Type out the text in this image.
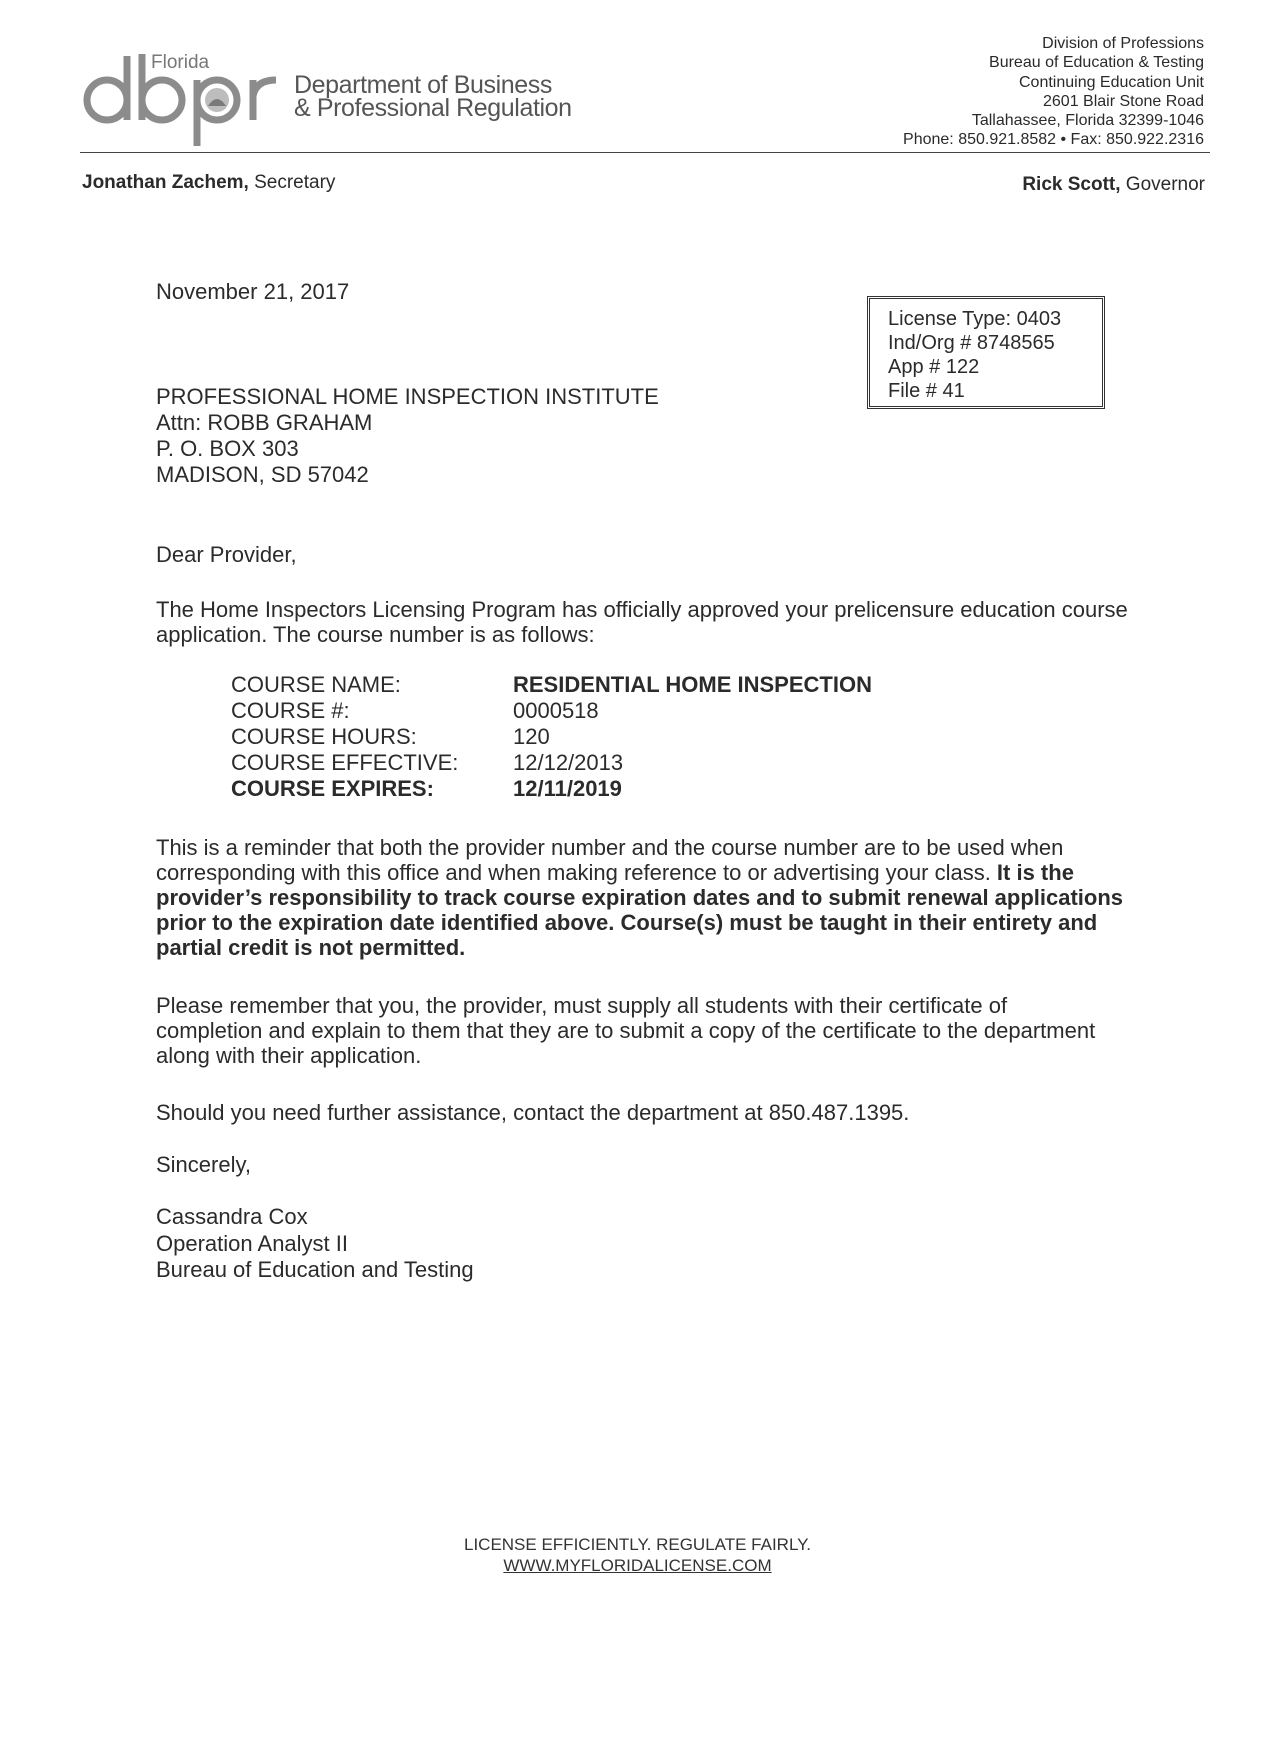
Florida
dbpr
Department of Business
& Professional Regulation
Division of Professions
Bureau of Education & Testing
Continuing Education Unit
2601 Blair Stone Road
Tallahassee, Florida 32399-1046
Phone: 850.921.8582 • Fax: 850.922.2316
Jonathan Zachem, Secretary	Rick Scott, Governor
November 21, 2017
License Type: 0403
Ind/Org # 8748565
App # 122
File # 41
PROFESSIONAL HOME INSPECTION INSTITUTE
Attn: ROBB GRAHAM
P. O. BOX 303
MADISON, SD 57042
Dear Provider,
The Home Inspectors Licensing Program has officially approved your prelicensure education course application. The course number is as follows:
COURSE NAME:	RESIDENTIAL HOME INSPECTION
COURSE #:	0000518
COURSE HOURS:	120
COURSE EFFECTIVE:	12/12/2013
COURSE EXPIRES:	12/11/2019
This is a reminder that both the provider number and the course number are to be used when corresponding with this office and when making reference to or advertising your class. It is the provider’s responsibility to track course expiration dates and to submit renewal applications prior to the expiration date identified above. Course(s) must be taught in their entirety and partial credit is not permitted.
Please remember that you, the provider, must supply all students with their certificate of completion and explain to them that they are to submit a copy of the certificate to the department along with their application.
Should you need further assistance, contact the department at 850.487.1395.
Sincerely,
Cassandra Cox
Operation Analyst II
Bureau of Education and Testing
LICENSE EFFICIENTLY. REGULATE FAIRLY.
WWW.MYFLORIDALICENSE.COM
